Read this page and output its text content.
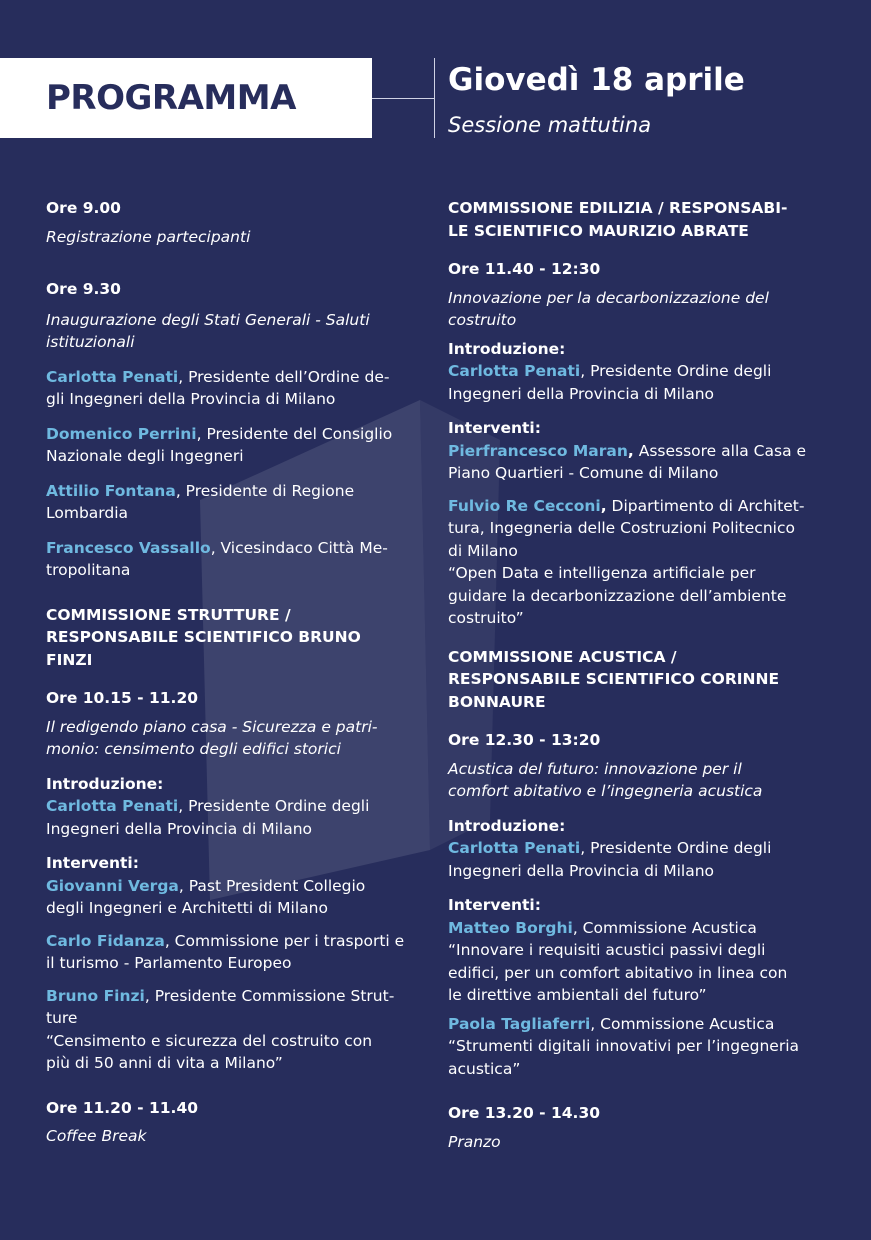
PROGRAMMA	Giovedì 18 aprile
Sessione mattutina

Ore 9.00

Registrazione partecipanti

Ore 9.30

Inaugurazione degli Stati Generali - Saluti

istituzionali

Carlotta Penati, Presidente dell’Ordine de-

gli Ingegneri della Provincia di Milano

Domenico Perrini, Presidente del Consiglio

Nazionale degli Ingegneri

Attilio Fontana, Presidente di Regione

Lombardia

Francesco Vassallo, Vicesindaco Città Me-

tropolitana

COMMISSIONE STRUTTURE /

RESPONSABILE SCIENTIFICO BRUNO

FINZI

Ore 10.15 - 11.20

Il redigendo piano casa - Sicurezza e patri-

monio: censimento degli edifici storici

Introduzione:

Carlotta Penati, Presidente Ordine degli

Ingegneri della Provincia di Milano

Interventi:

Giovanni Verga, Past President Collegio

degli Ingegneri e Architetti di Milano

Carlo Fidanza, Commissione per i trasporti e

il turismo - Parlamento Europeo

Bruno Finzi, Presidente Commissione Strut-

ture

“Censimento e sicurezza del costruito con

più di 50 anni di vita a Milano”

Ore 11.20 - 11.40

Coffee Break

COMMISSIONE EDILIZIA / RESPONSABI-

LE SCIENTIFICO MAURIZIO ABRATE

Ore 11.40 - 12:30

Innovazione per la decarbonizzazione del

costruito

Introduzione:

Carlotta Penati, Presidente Ordine degli

Ingegneri della Provincia di Milano

Interventi:

Pierfrancesco Maran, Assessore alla Casa e

Piano Quartieri - Comune di Milano

Fulvio Re Cecconi, Dipartimento di Architet-

tura, Ingegneria delle Costruzioni Politecnico

di Milano

“Open Data e intelligenza artificiale per

guidare la decarbonizzazione dell’ambiente

costruito”

COMMISSIONE ACUSTICA /

RESPONSABILE SCIENTIFICO CORINNE

BONNAURE

Ore 12.30 - 13:20

Acustica del futuro: innovazione per il

comfort abitativo e l’ingegneria acustica

Introduzione:

Carlotta Penati, Presidente Ordine degli

Ingegneri della Provincia di Milano

Interventi:

Matteo Borghi, Commissione Acustica

“Innovare i requisiti acustici passivi degli

edifici, per un comfort abitativo in linea con

le direttive ambientali del futuro”

Paola Tagliaferri, Commissione Acustica

“Strumenti digitali innovativi per l’ingegneria

acustica”

Ore 13.20 - 14.30

Pranzo
